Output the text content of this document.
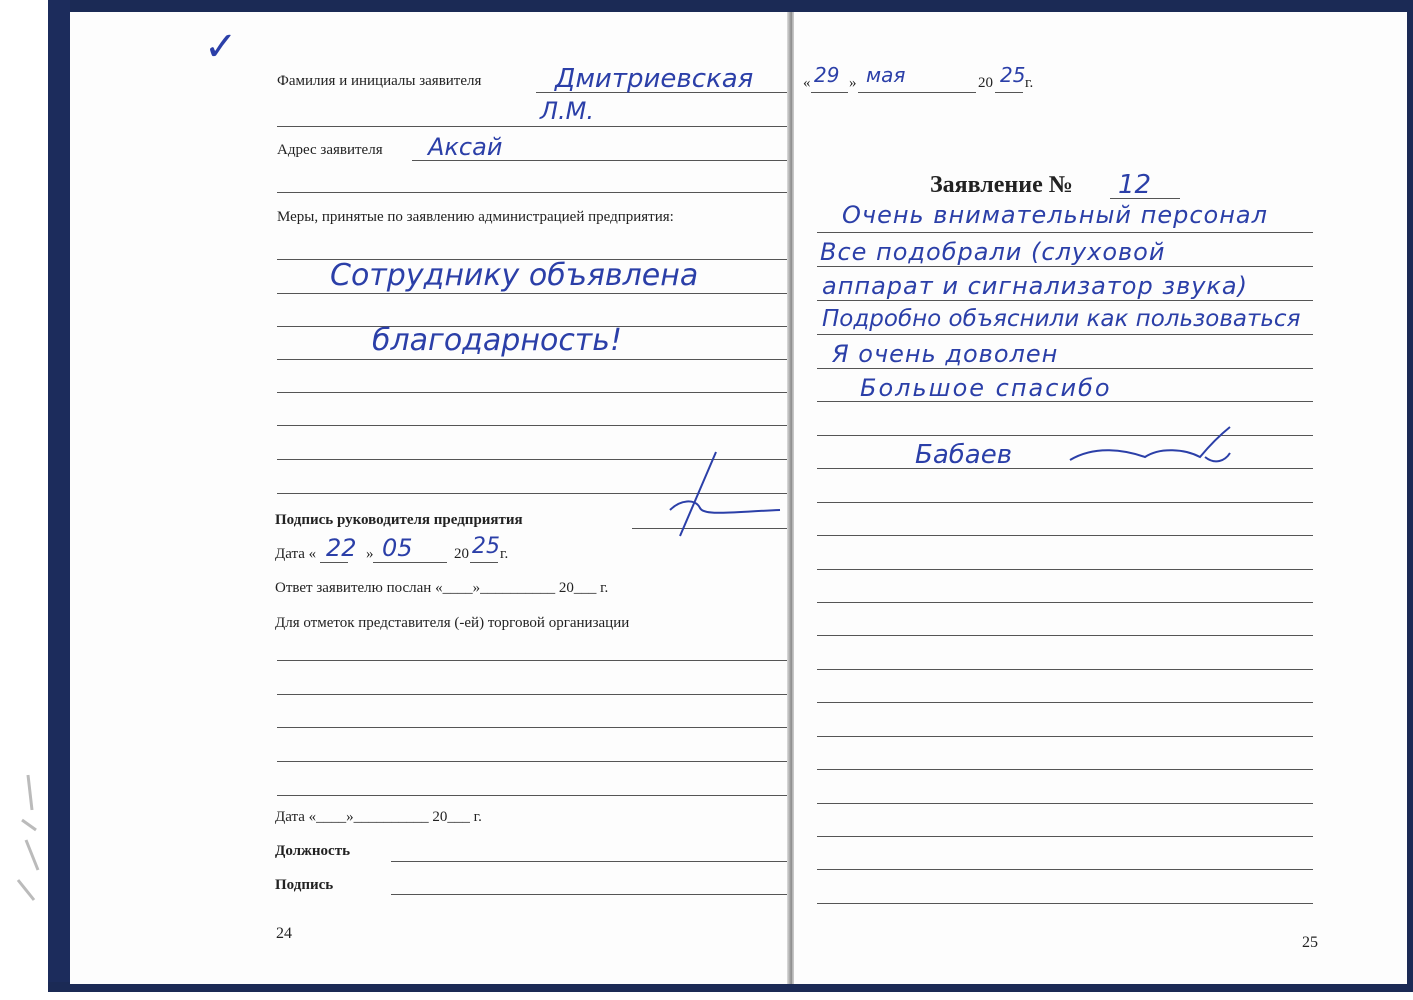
✓
Фамилия и инициалы заявителя	Дмитриевская
Л.М.
Адрес заявителя Аксай
Меры, принятые по заявлению администрацией предприятия:
Сотруднику объявлена
благодарность!
Подпись руководителя предприятия
Дата « 22 » 05	20 25 г.
Ответ заявителю послан «____»__________ 20___ г.
Для отметок представителя (-ей) торговой организации
Дата «____»__________ 20___ г.
Должность
Подпись
24
« 29 » мая	20 25 г.
Заявление № 12
Очень внимательный персонал
Все подобрали (слуховой
аппарат и сигнализатор звука)
Подробно объяснили как пользоваться
Я очень доволен
Большое спасибо
Бабаев
25
